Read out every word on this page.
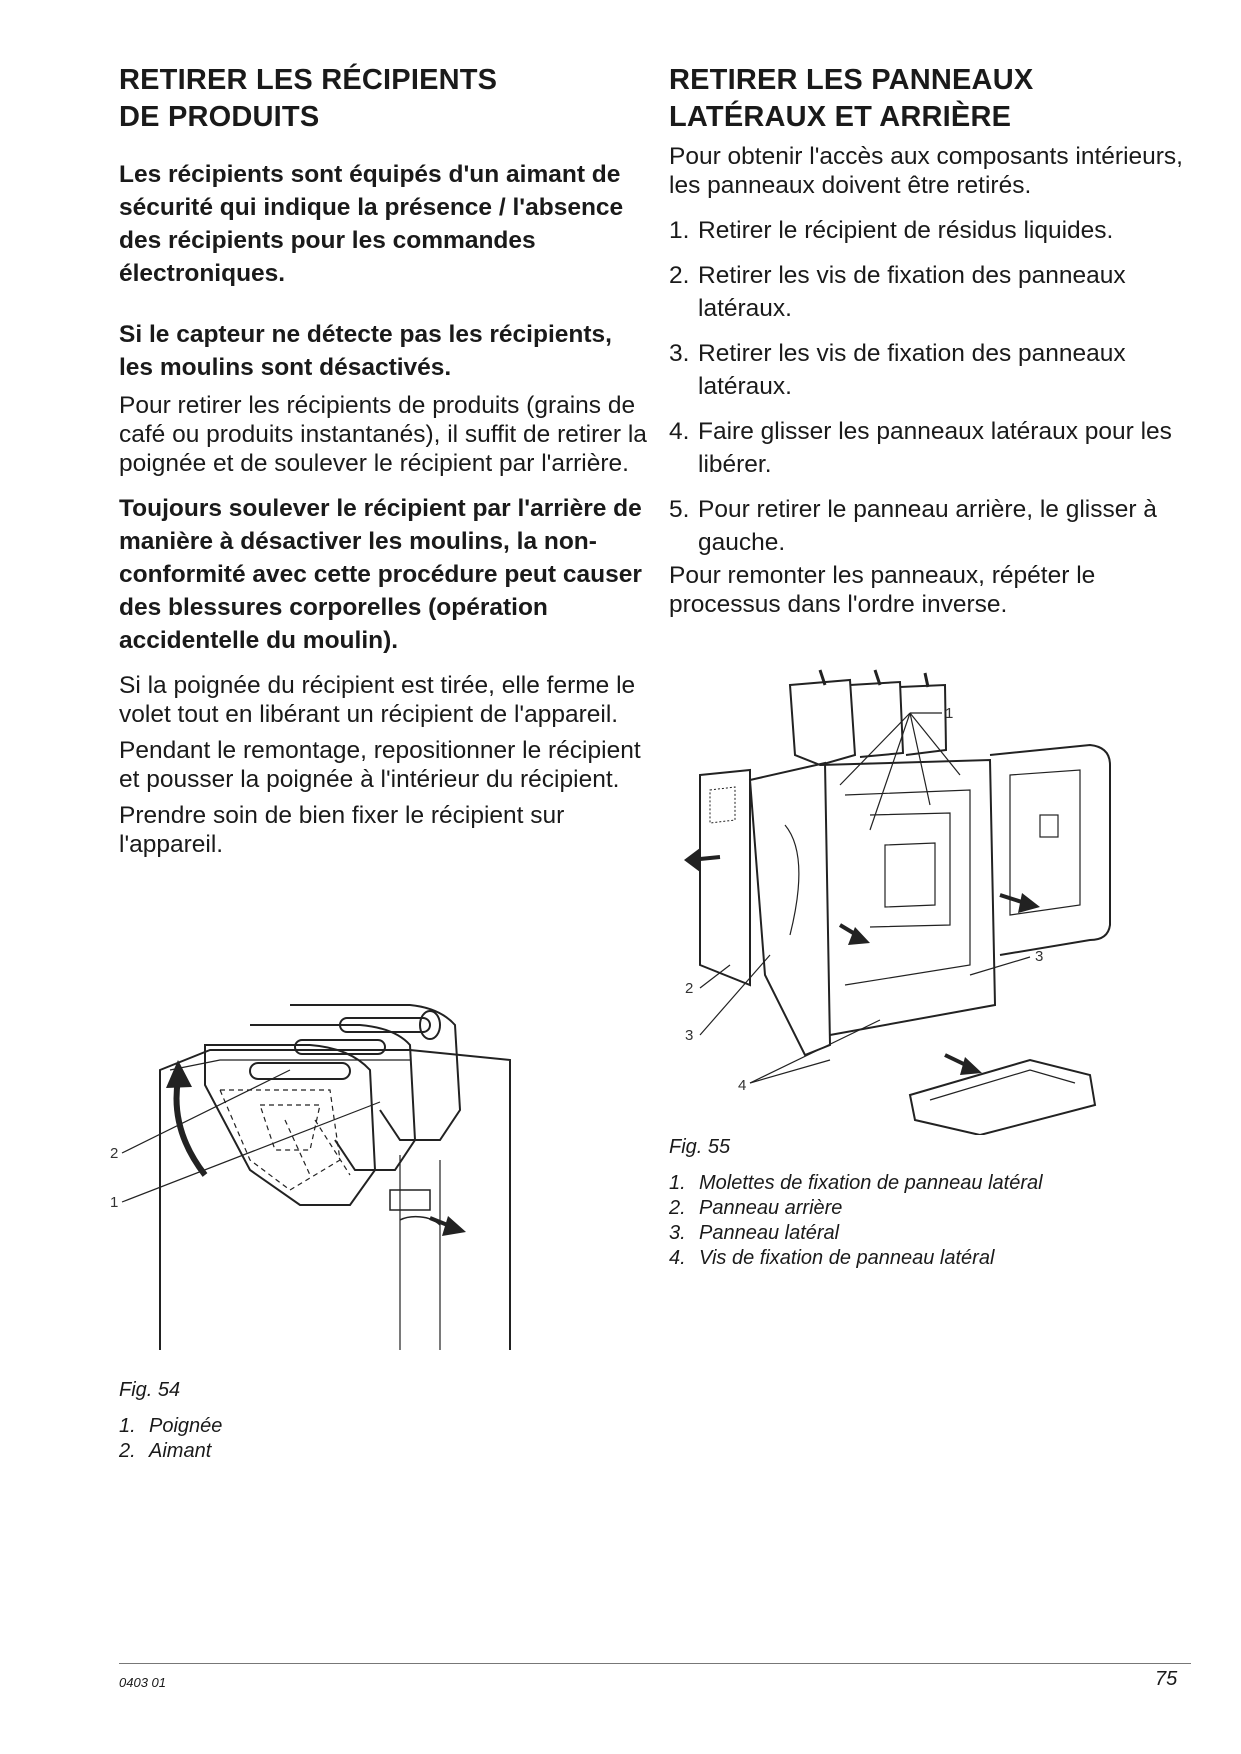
RETIRER LES RÉCIPIENTS
DE PRODUITS

Les récipients sont équipés d'un aimant de sécurité qui indique la présence / l'absence des récipients pour les commandes électroniques.

Si le capteur ne détecte pas les récipients, les moulins sont désactivés.

Pour retirer les récipients de produits (grains de café ou produits instantanés), il suffit de retirer la poignée et de soulever le récipient par l'arrière.

Toujours soulever le récipient par l'arrière de manière à désactiver les moulins, la non-conformité avec cette procédure peut causer des blessures corporelles (opération accidentelle du moulin).

Si la poignée du récipient est tirée, elle ferme le volet tout en libérant un récipient de l'appareil.

Pendant le remontage, repositionner le récipient et pousser la poignée à l'intérieur du récipient.

Prendre soin de bien fixer le récipient sur l'appareil.

2
1
Fig. 54
1. Poignée
2. Aimant
RETIRER LES PANNEAUX
LATÉRAUX ET ARRIÈRE

Pour obtenir l'accès aux composants intérieurs, les panneaux doivent être retirés.

1. Retirer le récipient de résidus liquides.
2. Retirer les vis de fixation des panneaux latéraux.
3. Retirer les vis de fixation des panneaux latéraux.
4. Faire glisser les panneaux latéraux pour les libérer.
5. Pour retirer le panneau arrière, le glisser à gauche.

Pour remonter les panneaux, répéter le processus dans l'ordre inverse.

1
2
3
3
4
Fig. 55
1. Molettes de fixation de panneau latéral
2. Panneau arrière
3. Panneau latéral
4. Vis de fixation de panneau latéral
0403 01	75
